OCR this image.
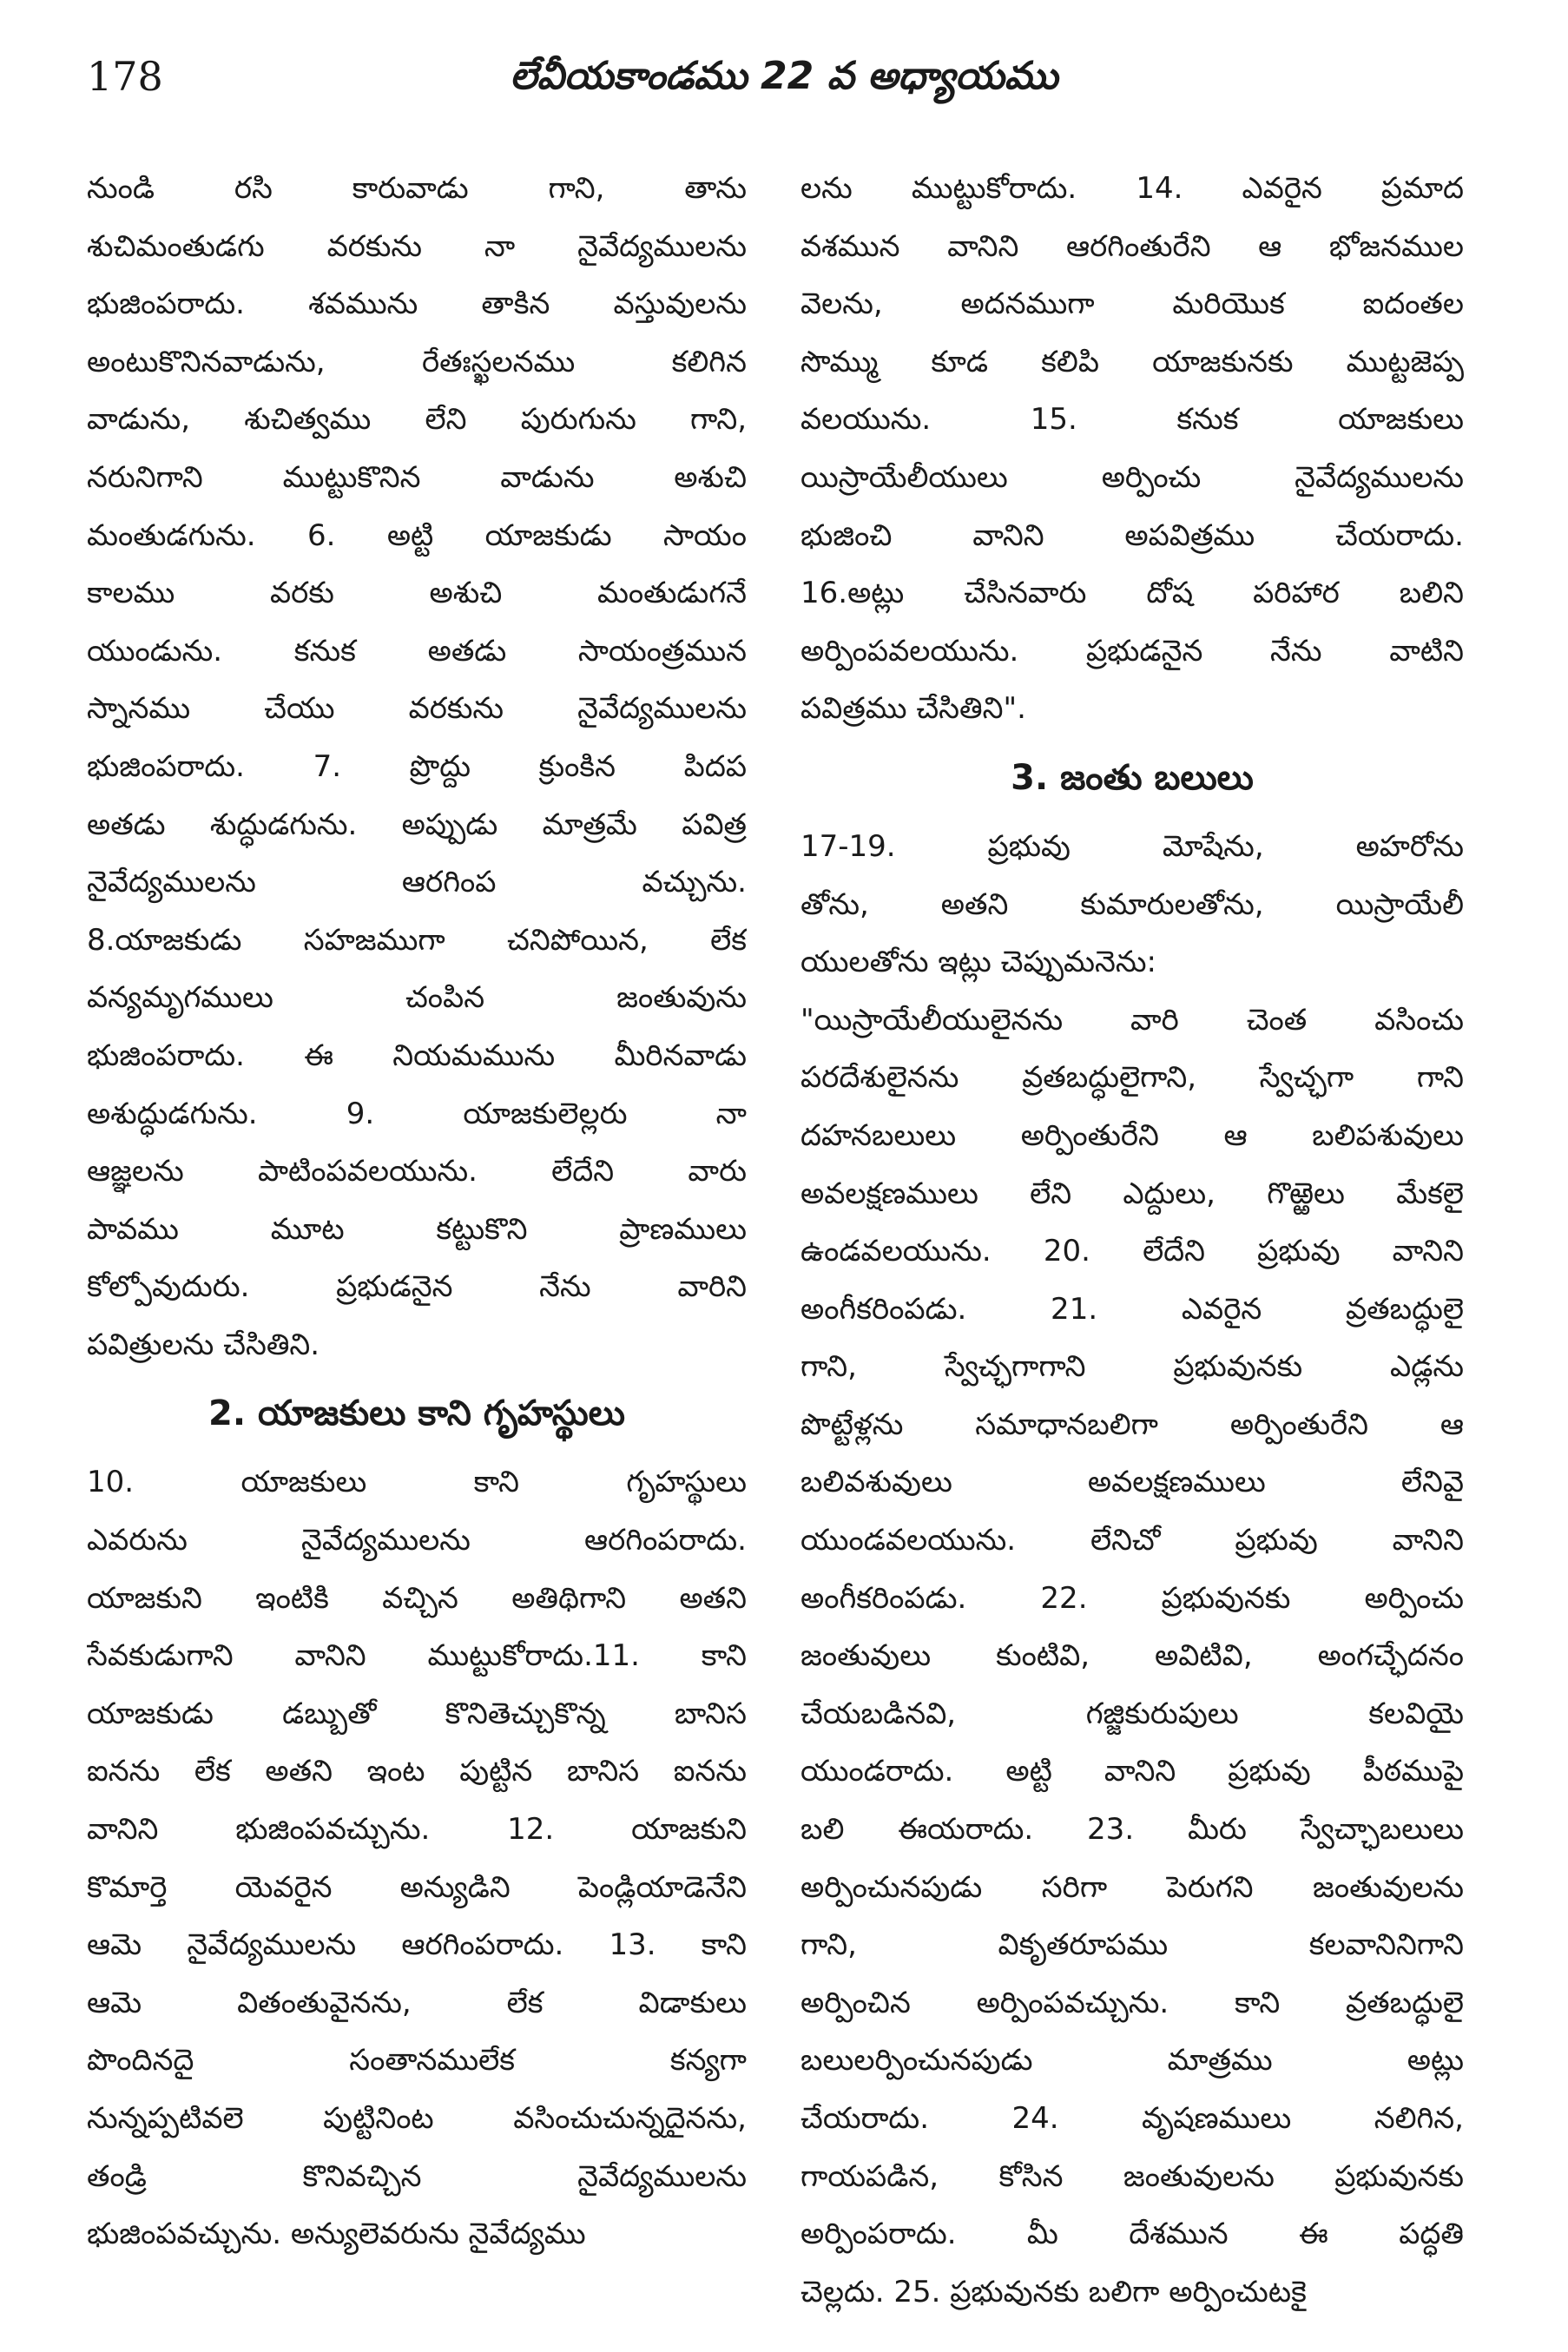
178	లేవీయకాండము 22 వ అధ్యాయము
నుండి రసి కారువాడు గాని, తాను
శుచిమంతుడగు వరకును నా నైవేద్యములను
భుజింపరాదు. శవమును తాకిన వస్తువులను
అంటుకొనినవాడును, రేతఃస్ఖలనము కలిగిన
వాడును, శుచిత్వము లేని పురుగును గాని,
నరునిగాని ముట్టుకొనిన వాడును అశుచి
మంతుడగును. 6. అట్టి యాజకుడు సాయం
కాలము వరకు అశుచి మంతుడుగనే
యుండును. కనుక అతడు సాయంత్రమున
స్నానము చేయు వరకును నైవేద్యములను
భుజింపరాదు. 7. ప్రొద్దు క్రుంకిన పిదప
అతడు శుద్ధుడగును. అప్పుడు మాత్రమే పవిత్ర
నైవేద్యములను ఆరగింప వచ్చును.
8.యాజకుడు సహజముగా చనిపోయిన, లేక
వన్యమృగములు చంపిన జంతువును
భుజింపరాదు. ఈ నియమమును మీరినవాడు
అశుద్ధుడగును. 9. యాజకులెల్లరు నా
ఆజ్ఞలను పాటింపవలయును. లేదేని వారు
పావము మూట కట్టుకొని ప్రాణములు
కోల్పోవుదురు. ప్రభుడనైన నేను వారిని
పవిత్రులను చేసితిని.
2. యాజకులు కాని గృహస్థులు
10. యాజకులు కాని గృహస్థులు
ఎవరును నైవేద్యములను ఆరగింపరాదు.
యాజకుని ఇంటికి వచ్చిన అతిథిగాని అతని
సేవకుడుగాని వానిని ముట్టుకోరాదు.11. కాని
యాజకుడు డబ్బుతో కొనితెచ్చుకొన్న బానిస
ఐనను లేక అతని ఇంట పుట్టిన బానిస ఐనను
వానిని భుజింపవచ్చును. 12. యాజకుని
కొమార్తె యెవరైన అన్యుడిని పెండ్లియాడెనేని
ఆమె నైవేద్యములను ఆరగింపరాదు. 13. కాని
ఆమె వితంతువైనను, లేక విడాకులు
పొందినదై సంతానములేక కన్యగా
నున్నప్పటివలె పుట్టినింట వసించుచున్నదైనను,
తండ్రి కొనివచ్చిన నైవేద్యములను
భుజింపవచ్చును. అన్యులెవరును నైవేద్యము
లను ముట్టుకోరాదు. 14. ఎవరైన ప్రమాద
వశమున వానిని ఆరగింతురేని ఆ భోజనముల
వెలను, అదనముగా మరియొక ఐదంతల
సొమ్ము కూడ కలిపి యాజకునకు ముట్టజెప్ప
వలయును. 15. కనుక యాజకులు
యిస్రాయేలీయులు అర్పించు నైవేద్యములను
భుజించి వానిని అపవిత్రము చేయరాదు.
16.అట్లు చేసినవారు దోష పరిహార బలిని
అర్పింపవలయును. ప్రభుడనైన నేను వాటిని
పవిత్రము చేసితిని".
3. జంతు బలులు
17-19. ప్రభువు మోషేను, అహరోను
తోను, అతని కుమారులతోను, యిస్రాయేలీ
యులతోను ఇట్లు చెప్పుమనెను:
"యిస్రాయేలీయులైనను వారి చెంత వసించు
పరదేశులైనను వ్రతబద్ధులైగాని, స్వేచ్ఛగా గాని
దహనబలులు అర్పింతురేని ఆ బలిపశువులు
అవలక్షణములు లేని ఎద్దులు, గొఱ్ఱెలు మేకలై
ఉండవలయును. 20. లేదేని ప్రభువు వానిని
అంగీకరింపడు. 21. ఎవరైన వ్రతబద్ధులై
గాని, స్వేచ్ఛగాగాని ప్రభువునకు ఎడ్లను
పొట్టేళ్లను సమాధానబలిగా అర్పింతురేని ఆ
బలివశువులు అవలక్షణములు లేనివై
యుండవలయును. లేనిచో ప్రభువు వానిని
అంగీకరింపడు. 22. ప్రభువునకు అర్పించు
జంతువులు కుంటివి, అవిటివి, అంగచ్ఛేదనం
చేయబడినవి, గజ్జికురుపులు కలవియై
యుండరాదు. అట్టి వానిని ప్రభువు పీఠముపై
బలి ఈయరాదు. 23. మీరు స్వేచ్ఛాబలులు
అర్పించునపుడు సరిగా పెరుగని జంతువులను
గాని, వికృతరూపము కలవానినిగాని
అర్పించిన అర్పింపవచ్చును. కాని వ్రతబద్ధులై
బలులర్పించునపుడు మాత్రము అట్లు
చేయరాదు. 24. వృషణములు నలిగిన,
గాయపడిన, కోసిన జంతువులను ప్రభువునకు
అర్పింపరాదు. మీ దేశమున ఈ పద్ధతి
చెల్లదు. 25. ప్రభువునకు బలిగా అర్పించుటకై
